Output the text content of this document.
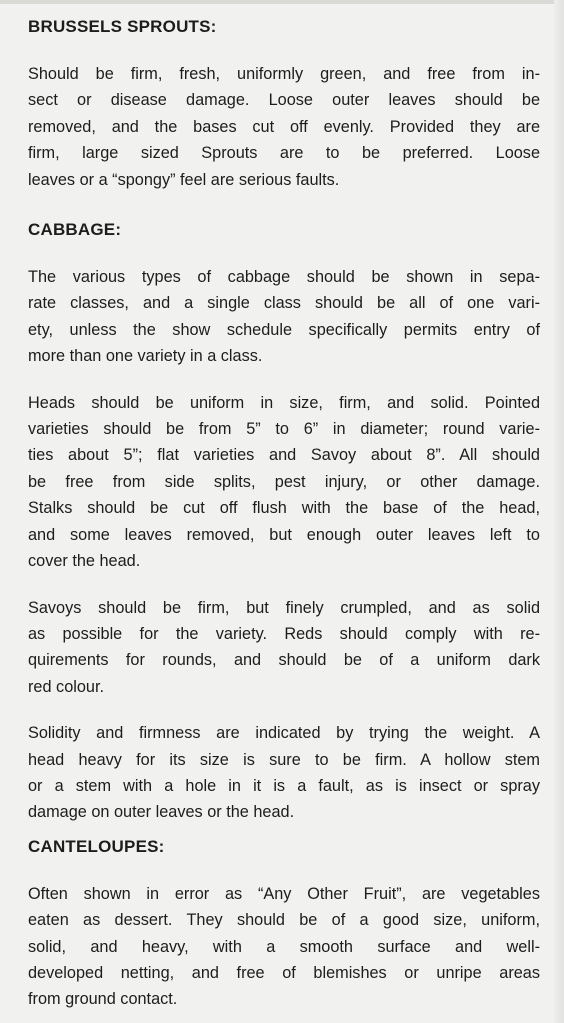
BRUSSELS SPROUTS:

Should be firm, fresh, uniformly green, and free from in-
sect or disease damage. Loose outer leaves should be
removed, and the bases cut off evenly. Provided they are
firm, large sized Sprouts are to be preferred. Loose
leaves or a “spongy” feel are serious faults.

CABBAGE:

The various types of cabbage should be shown in sepa-
rate classes, and a single class should be all of one vari-
ety, unless the show schedule specifically permits entry of
more than one variety in a class.

Heads should be uniform in size, firm, and solid. Pointed
varieties should be from 5” to 6” in diameter; round varie-
ties about 5”; flat varieties and Savoy about 8”. All should
be free from side splits, pest injury, or other damage.
Stalks should be cut off flush with the base of the head,
and some leaves removed, but enough outer leaves left to
cover the head.

Savoys should be firm, but finely crumpled, and as solid
as possible for the variety. Reds should comply with re-
quirements for rounds, and should be of a uniform dark
red colour.

Solidity and firmness are indicated by trying the weight. A
head heavy for its size is sure to be firm. A hollow stem
or a stem with a hole in it is a fault, as is insect or spray
damage on outer leaves or the head.

CANTELOUPES:

Often shown in error as “Any Other Fruit”, are vegetables
eaten as dessert. They should be of a good size, uniform,
solid, and heavy, with a smooth surface and well-
developed netting, and free of blemishes or unripe areas
from ground contact.
